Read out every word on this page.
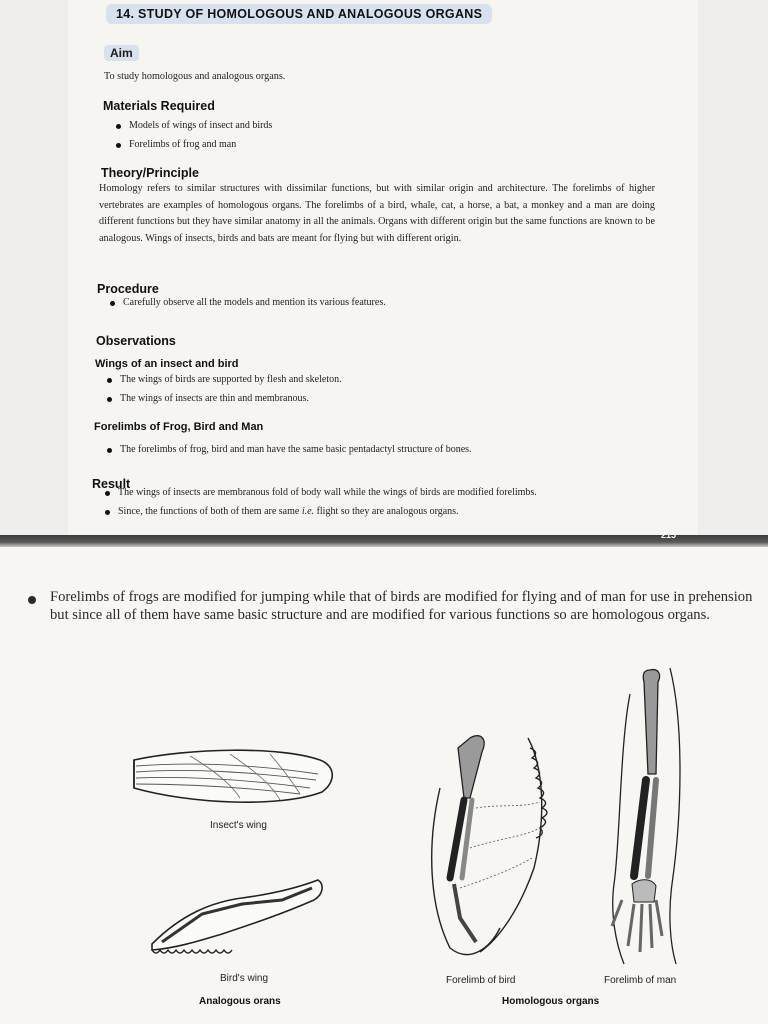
215
14. STUDY OF HOMOLOGOUS AND ANALOGOUS ORGANS
Aim
To study homologous and analogous organs.
Materials Required
Models of wings of insect and birds
Forelimbs of frog and man
Theory/Principle
Homology refers to similar structures with dissimilar functions, but with similar origin and architecture. The forelimbs of higher vertebrates are examples of homologous organs. The forelimbs of a bird, whale, cat, a horse, a bat, a monkey and a man are doing different functions but they have similar anatomy in all the animals. Organs with different origin but the same functions are known to be analogous. Wings of insects, birds and bats are meant for flying but with different origin.
Procedure
Carefully observe all the models and mention its various features.
Observations
Wings of an insect and bird
The wings of birds are supported by flesh and skeleton.
The wings of insects are thin and membranous.
Forelimbs of Frog, Bird and Man
The forelimbs of frog, bird and man have the same basic pentadactyl structure of bones.
Result
The wings of insects are membranous fold of body wall while the wings of birds are modified forelimbs.
Since, the functions of both of them are same i.e. flight so they are analogous organs.
Forelimbs of frogs are modified for jumping while that of birds are modified for flying and of man for use in prehension but since all of them have same basic structure and are modified for various functions so are homologous organs.
Insect's wing
Bird's wing
Analogous orans
Forelimb of bird	Forelimb of man
Homologous organs
